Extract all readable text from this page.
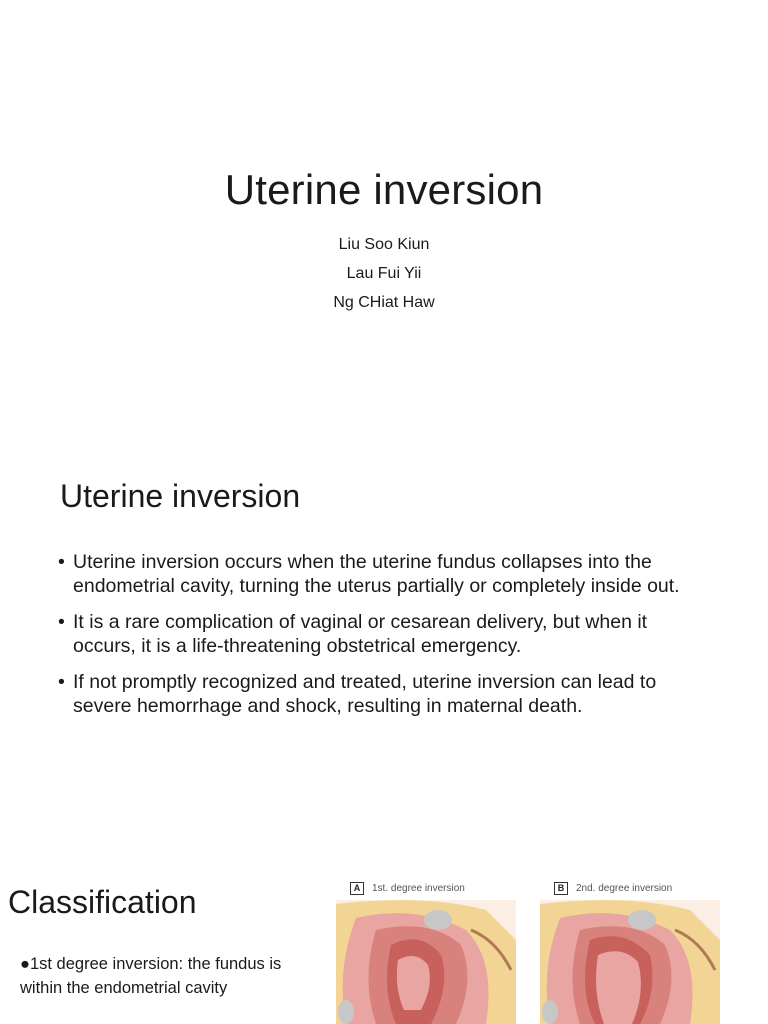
Uterine inversion
Liu Soo Kiun
Lau Fui Yii
Ng CHiat Haw
Uterine inversion
• Uterine inversion occurs when the uterine fundus collapses into the endometrial cavity, turning the uterus partially or completely inside out.
• It is a rare complication of vaginal or cesarean delivery, but when it occurs, it is a life-threatening obstetrical emergency.
• If not promptly recognized and treated, uterine inversion can lead to severe hemorrhage and shock, resulting in maternal death.
Classification
●1st degree inversion: the fundus is within the endometrial cavity
A	1st. degree inversion	B	2nd. degree inversion
